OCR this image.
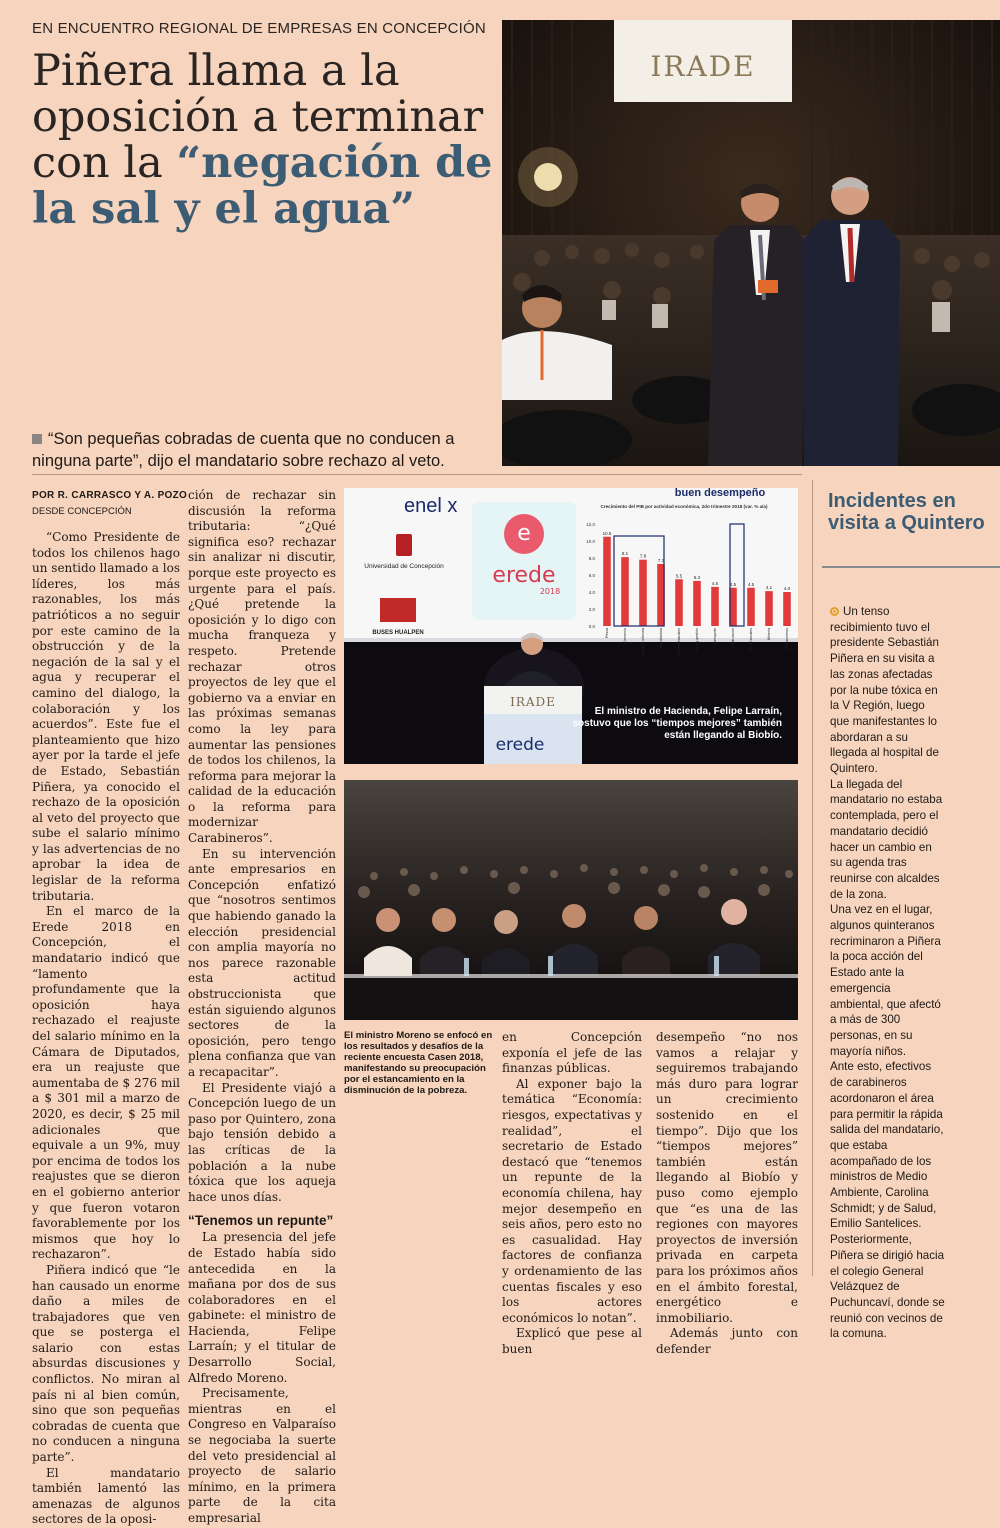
EN ENCUENTRO REGIONAL DE EMPRESAS EN CONCEPCIÓN
Piñera llama a la oposición a terminar con la “negación de la sal y el agua”
“Son pequeñas cobradas de cuenta que no conducen a ninguna parte”, dijo el mandatario sobre rechazo al veto.
IRADE
POR R. CARRASCO Y A. POZO
DESDE CONCEPCIÓN

“Como Presidente de todos los chilenos hago un sentido llamado a los líderes, los más razonables, los más patrióticos a no seguir por este camino de la obstrucción y de la negación de la sal y el agua y recuperar el camino del dialogo, la colaboración y los acuerdos”. Este fue el planteamiento que hizo ayer por la tarde el jefe de Estado, Sebastián Piñera, ya conocido el rechazo de la oposición al veto del proyecto que sube el salario mínimo y las advertencias de no aprobar la idea de legislar de la reforma tributaria.

En el marco de la Erede 2018 en Concepción, el mandatario indicó que “lamento profundamente que la oposición haya rechazado el reajuste del salario mínimo en la Cámara de Diputados, era un reajuste que aumentaba de $ 276 mil a $ 301 mil a marzo de 2020, es decir, $ 25 mil adicionales que equivale a un 9%, muy por encima de todos los reajustes que se dieron en el gobierno anterior y que fueron votaron favorablemente por los mismos que hoy lo rechazaron”.

Piñera indicó que “le han causado un enorme daño a miles de trabajadores que ven que se posterga el salario con estas absurdas discusiones y conflictos. No miran al país ni al bien común, sino que son pequeñas cobradas de cuenta que no conducen a ninguna parte”.

El mandatario también lamentó las amenazas de algunos sectores de la oposi-

ción de rechazar sin discusión la reforma tributaria: “¿Qué significa eso? rechazar sin analizar ni discutir, porque este proyecto es urgente para el país. ¿Qué pretende la oposición y lo digo con mucha franqueza y respeto. Pretende rechazar otros proyectos de ley que el gobierno va a enviar en las próximas semanas como la ley para aumentar las pensiones de todos los chilenos, la reforma para mejorar la calidad de la educación o la reforma para modernizar Carabineros”.

En su intervención ante empresarios en Concepción enfatizó que “nosotros sentimos que habiendo ganado la elección presidencial con amplia mayoría no nos parece razonable esta actitud obstruccionista que están siguiendo algunos sectores de la oposición, pero tengo plena confianza que van a recapacitar”.

El Presidente viajó a Concepción luego de un paso por Quintero, zona bajo tensión debido a las críticas de la población a la nube tóxica que los aqueja hace unos días.

“Tenemos un repunte”

La presencia del jefe de Estado había sido antecedida en la mañana por dos de sus colaboradores en el gabinete: el ministro de Hacienda, Felipe Larraín; y el titular de Desarrollo Social, Alfredo Moreno.

Precisamente, mientras en el Congreso en Valparaíso se negociaba la suerte del veto presidencial al proyecto de salario mínimo, en la primera parte de la cita empresarial

enel x
Universidad de Concepción
BUSES HUALPEN
e
erede
2018
buen desempeño
Crecimiento del PIB por actividad económica, 2do trimestre 2018 (var. % a/a)
12.0
10.0
8.0
6.0
4.0
2.0
0.0
10.5
8.1
7.8
7.3
5.5	5.3
4.6	4.5	4.5
4.1	4.0
Pesca	Comercio	Agropec.-silvícola	Manufactura	SS empresariales	EGA y gestión	Transporte	Construcción	SS personales	Minería	SS financieros
IRADE
erede
El ministro de Hacienda, Felipe Larraín, sostuvo que los “tiempos mejores” también están llegando al Biobío.
El ministro Moreno se enfocó en los resultados y desafíos de la reciente encuesta Casen 2018, manifestando su preocupación por el estancamiento en la disminución de la pobreza.

en Concepción exponía el jefe de las finanzas públicas.

Al exponer bajo la temática “Economía: riesgos, expectativas y realidad”, el secretario de Estado destacó que “tenemos un repunte de la economía chilena, hay mejor desempeño en seis años, pero esto no es casualidad. Hay factores de confianza y ordenamiento de las cuentas fiscales y eso los actores económicos lo notan”.

Explicó que pese al buen

desempeño “no nos vamos a relajar y seguiremos trabajando más duro para lograr un crecimiento sostenido en el tiempo”. Dijo que los “tiempos mejores” también están llegando al Biobío y puso como ejemplo que “es una de las regiones con mayores proyectos de inversión privada en carpeta para los próximos años en el ámbito forestal, energético e inmobiliario.

Además junto con defender

Incidentes en visita a Quintero

Un tenso recibimiento tuvo el presidente Sebastián Piñera en su visita a las zonas afectadas por la nube tóxica en la V Región, luego que manifestantes lo abordaran a su llegada al hospital de Quintero.

La llegada del mandatario no estaba contemplada, pero el mandatario decidió hacer un cambio en su agenda tras reunirse con alcaldes de la zona.

Una vez en el lugar, algunos quinteranos recriminaron a Piñera la poca acción del Estado ante la emergencia ambiental, que afectó a más de 300 personas, en su mayoría niños.

Ante esto, efectivos de carabineros acordonaron el área para permitir la rápida salida del mandatario, que estaba acompañado de los ministros de Medio Ambiente, Carolina Schmidt; y de Salud, Emilio Santelices.

Posteriormente, Piñera se dirigió hacia el colegio General Velázquez de Puchuncaví, donde se reunió con vecinos de la comuna.
